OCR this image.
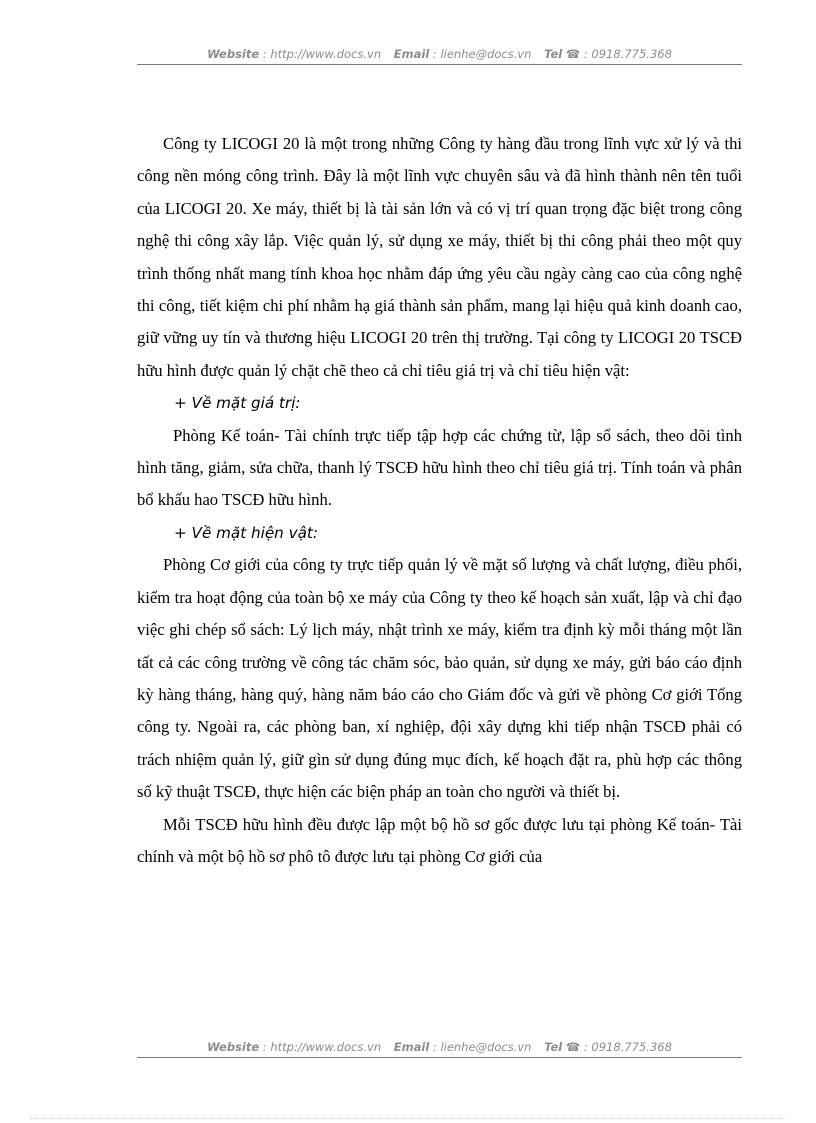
Website : http://www.docs.vn Email : lienhe@docs.vn Tel ☎ : 0918.775.368

Công ty LICOGI 20 là một trong những Công ty hàng đầu trong lĩnh vực xử lý và thi công nền móng công trình. Đây là một lĩnh vực chuyên sâu và đã hình thành nên tên tuổi của LICOGI 20. Xe máy, thiết bị là tài sản lớn và có vị trí quan trọng đặc biệt trong công nghệ thi công xây lắp. Việc quản lý, sử dụng xe máy, thiết bị thi công phải theo một quy trình thống nhất mang tính khoa học nhằm đáp ứng yêu cầu ngày càng cao của công nghệ thi công, tiết kiệm chi phí nhằm hạ giá thành sản phẩm, mang lại hiệu quả kinh doanh cao, giữ vững uy tín và thương hiệu LICOGI 20 trên thị trường. Tại công ty LICOGI 20 TSCĐ hữu hình được quản lý chặt chẽ theo cả chỉ tiêu giá trị và chỉ tiêu hiện vật:

+ Về mặt giá trị:

Phòng Kế toán- Tài chính trực tiếp tập hợp các chứng từ, lập sổ sách, theo dõi tình hình tăng, giảm, sửa chữa, thanh lý TSCĐ hữu hình theo chỉ tiêu giá trị. Tính toán và phân bổ khấu hao TSCĐ hữu hình.

+ Về mặt hiện vật:

Phòng Cơ giới của công ty trực tiếp quản lý về mặt số lượng và chất lượng, điều phối, kiểm tra hoạt động của toàn bộ xe máy của Công ty theo kế hoạch sản xuất, lập và chỉ đạo việc ghi chép sổ sách: Lý lịch máy, nhật trình xe máy, kiểm tra định kỳ mỗi tháng một lần tất cả các công trường về công tác chăm sóc, bảo quản, sử dụng xe máy, gửi báo cáo định kỳ hàng tháng, hàng quý, hàng năm báo cáo cho Giám đốc và gửi về phòng Cơ giới Tổng công ty. Ngoài ra, các phòng ban, xí nghiệp, đội xây dựng khi tiếp nhận TSCĐ phải có trách nhiệm quản lý, giữ gìn sử dụng đúng mục đích, kế hoạch đặt ra, phù hợp các thông số kỹ thuật TSCĐ, thực hiện các biện pháp an toàn cho người và thiết bị.

Mỗi TSCĐ hữu hình đều được lập một bộ hồ sơ gốc được lưu tại phòng Kế toán- Tài chính và một bộ hồ sơ phô tô được lưu tại phòng Cơ giới của

Website : http://www.docs.vn Email : lienhe@docs.vn Tel ☎ : 0918.775.368
